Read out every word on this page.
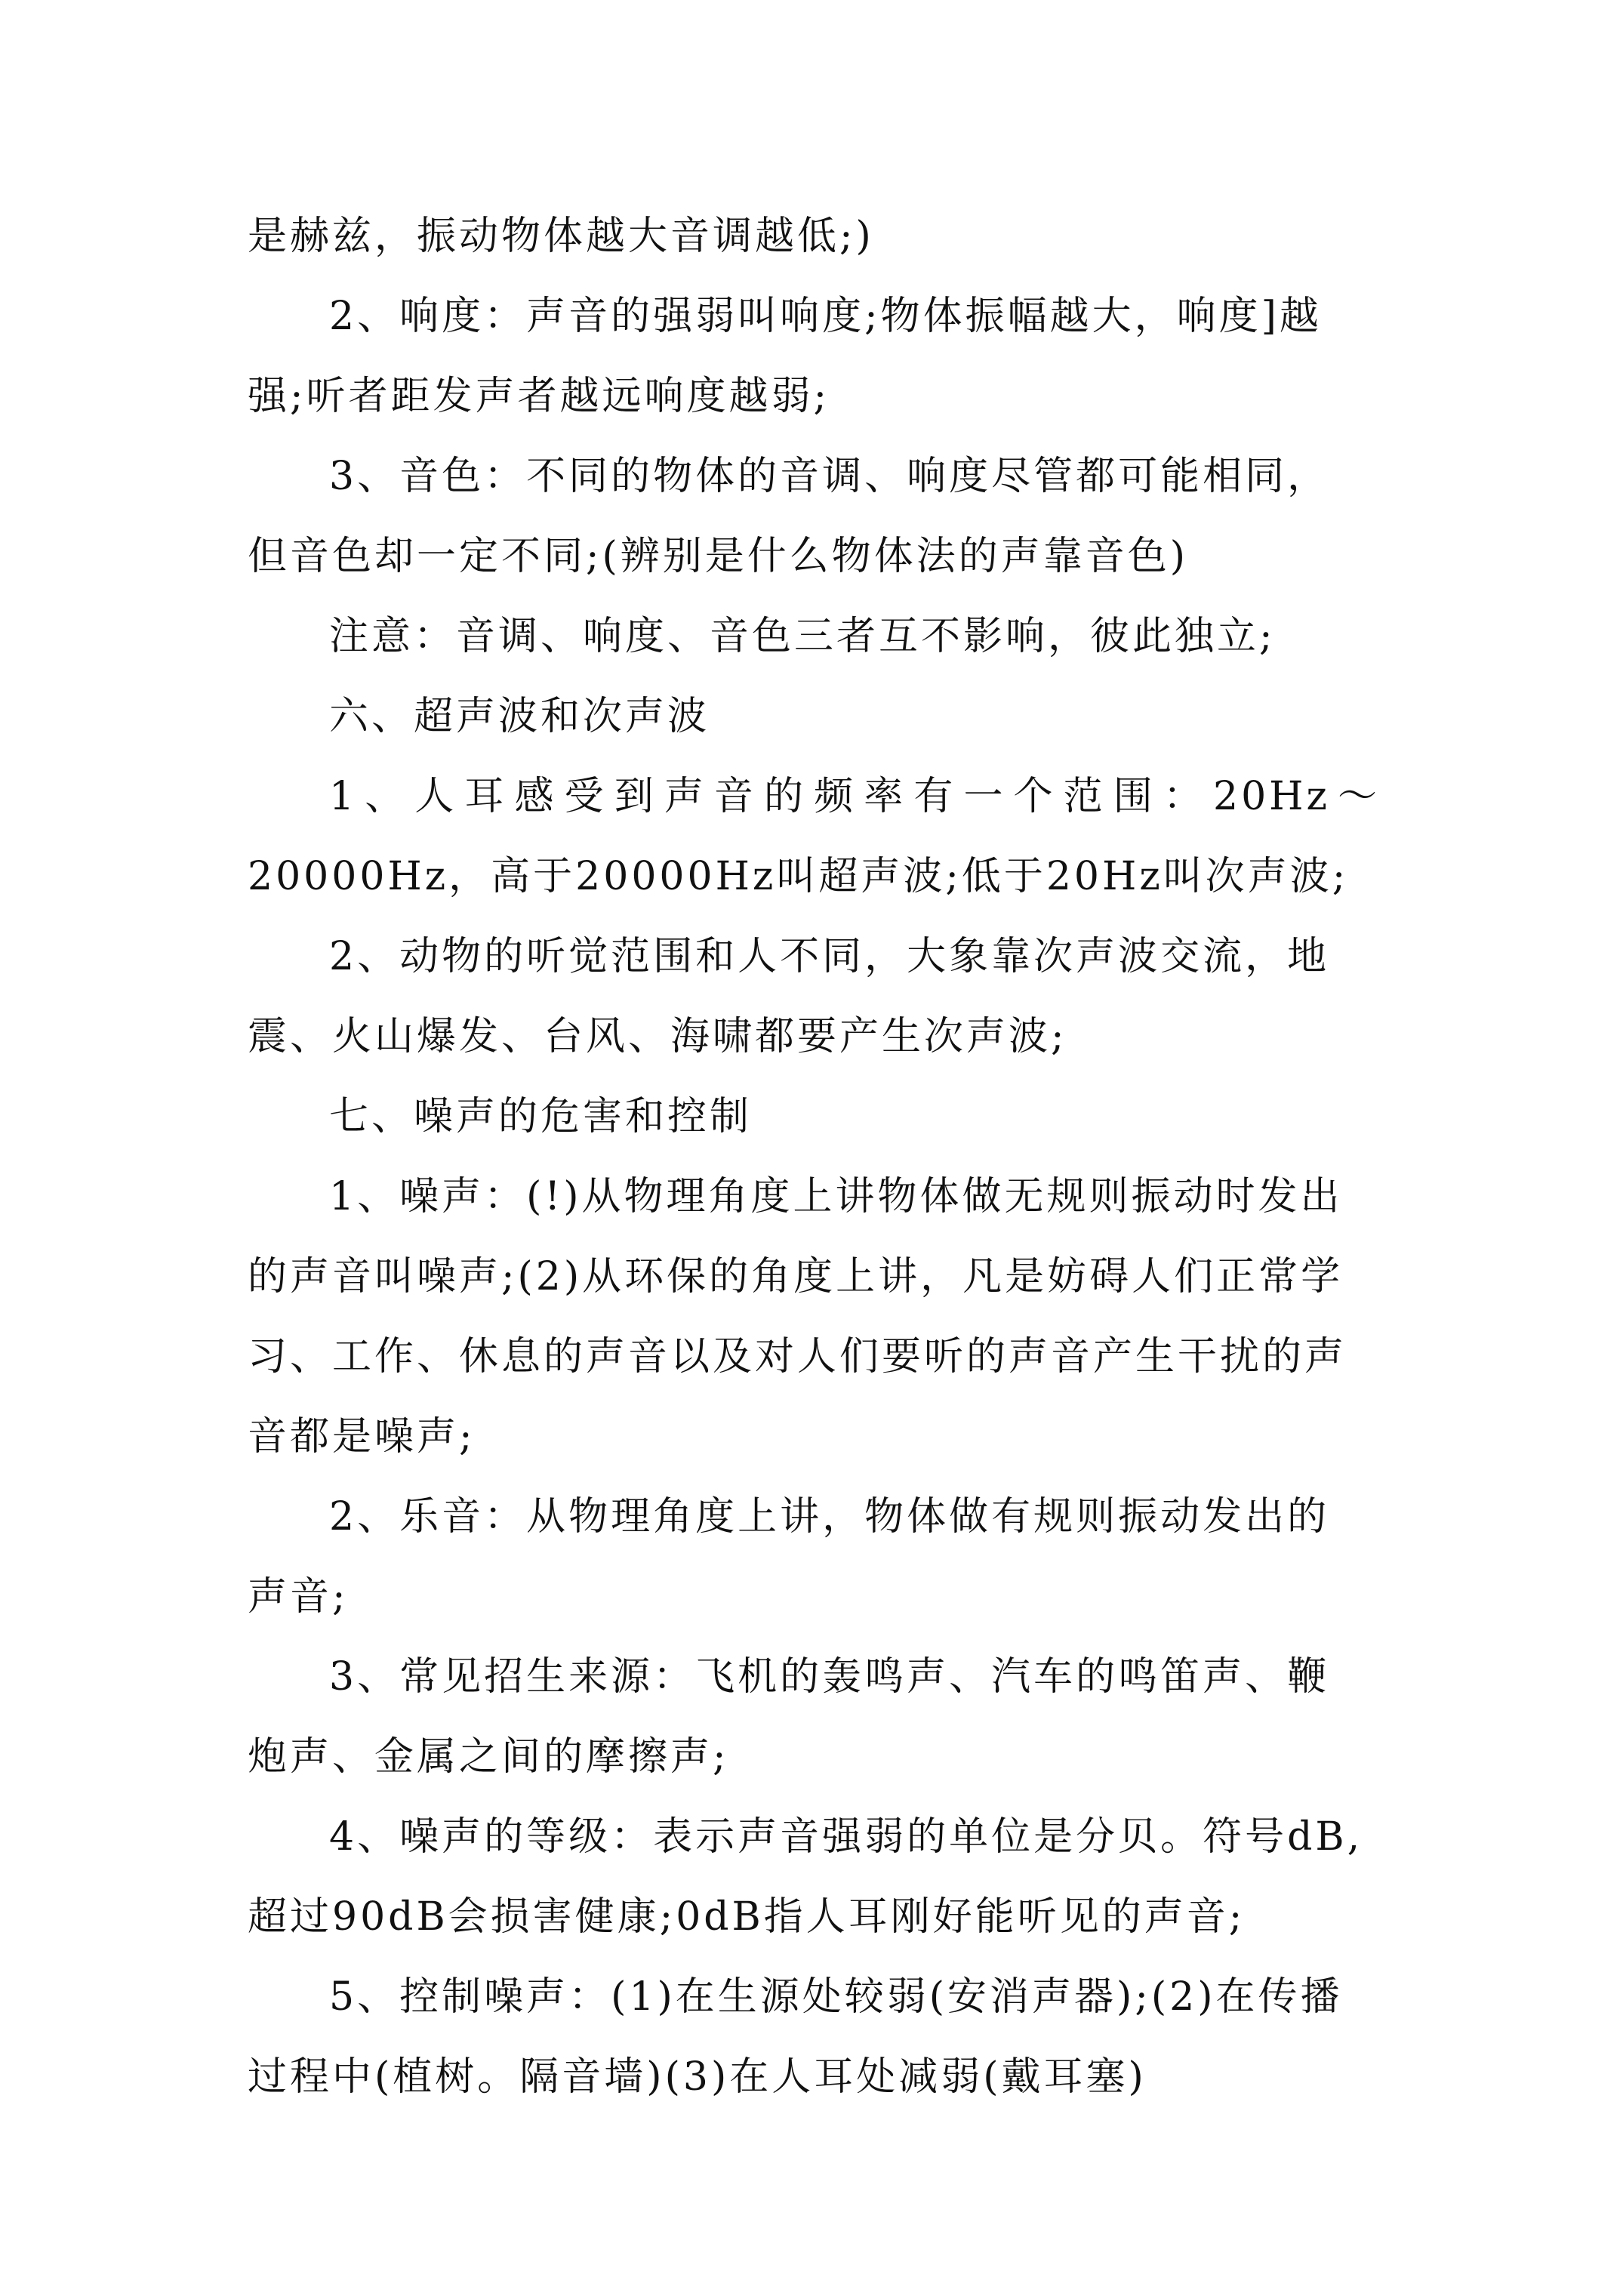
是赫兹，振动物体越大音调越低;)
2、响度：声音的强弱叫响度;物体振幅越大，响度]越
强;听者距发声者越远响度越弱;
3、音色：不同的物体的音调、响度尽管都可能相同，
但音色却一定不同;(辨别是什么物体法的声靠音色)
注意：音调、响度、音色三者互不影响，彼此独立;
六、超声波和次声波
1、人耳感受到声音的频率有一个范围：20Hz～
20000Hz，高于20000Hz叫超声波;低于20Hz叫次声波;
2、动物的听觉范围和人不同，大象靠次声波交流，地
震、火山爆发、台风、海啸都要产生次声波;
七、噪声的危害和控制
1、噪声：(!)从物理角度上讲物体做无规则振动时发出
的声音叫噪声;(2)从环保的角度上讲，凡是妨碍人们正常学
习、工作、休息的声音以及对人们要听的声音产生干扰的声
音都是噪声;
2、乐音：从物理角度上讲，物体做有规则振动发出的
声音;
3、常见招生来源：飞机的轰鸣声、汽车的鸣笛声、鞭
炮声、金属之间的摩擦声;
4、噪声的等级：表示声音强弱的单位是分贝。符号dB,
超过90dB会损害健康;0dB指人耳刚好能听见的声音;
5、控制噪声：(1)在生源处较弱(安消声器);(2)在传播
过程中(植树。隔音墙)(3)在人耳处减弱(戴耳塞)
